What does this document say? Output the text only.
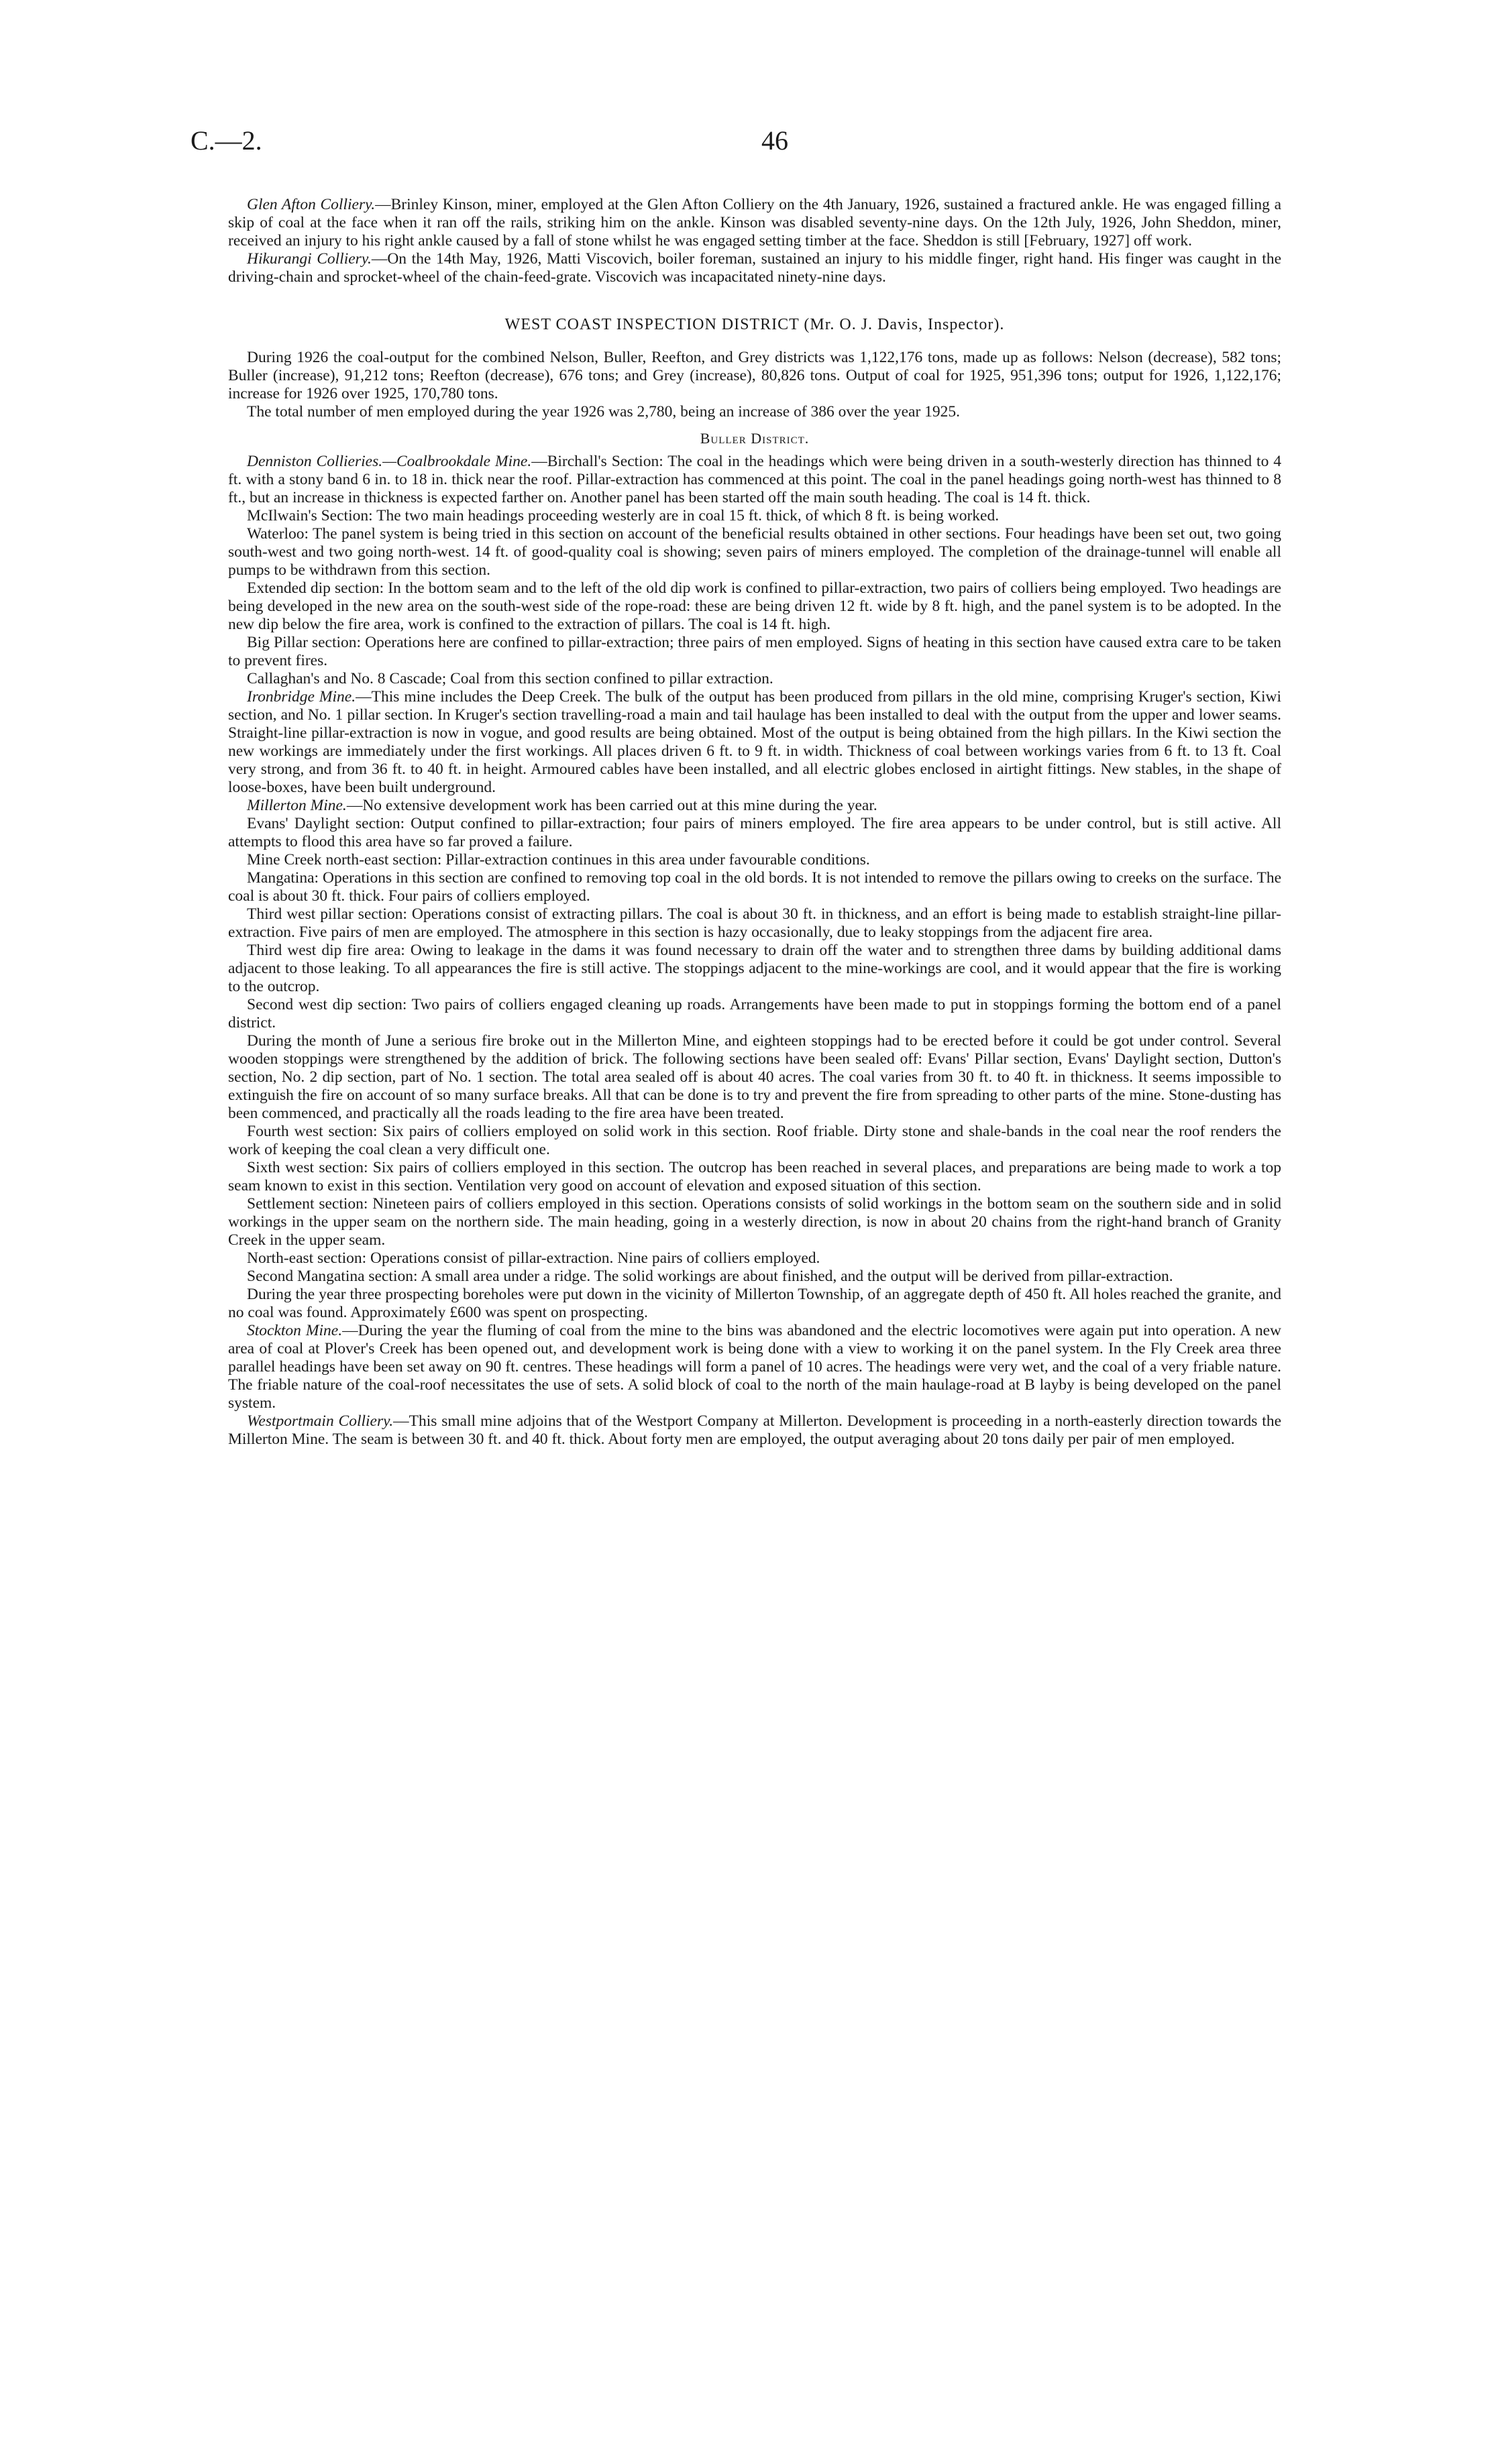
C.—2.	46

Glen Afton Colliery.—Brinley Kinson, miner, employed at the Glen Afton Colliery on the 4th January, 1926, sustained a fractured ankle. He was engaged filling a skip of coal at the face when it ran off the rails, striking him on the ankle. Kinson was disabled seventy-nine days. On the 12th July, 1926, John Sheddon, miner, received an injury to his right ankle caused by a fall of stone whilst he was engaged setting timber at the face. Sheddon is still [February, 1927] off work.

Hikurangi Colliery.—On the 14th May, 1926, Matti Viscovich, boiler foreman, sustained an injury to his middle finger, right hand. His finger was caught in the driving-chain and sprocket-wheel of the chain-feed-grate. Viscovich was incapacitated ninety-nine days.

WEST COAST INSPECTION DISTRICT (Mr. O. J. Davis, Inspector).

During 1926 the coal-output for the combined Nelson, Buller, Reefton, and Grey districts was 1,122,176 tons, made up as follows: Nelson (decrease), 582 tons; Buller (increase), 91,212 tons; Reefton (decrease), 676 tons; and Grey (increase), 80,826 tons. Output of coal for 1925, 951,396 tons; output for 1926, 1,122,176; increase for 1926 over 1925, 170,780 tons.

The total number of men employed during the year 1926 was 2,780, being an increase of 386 over the year 1925.

Buller District.

Denniston Collieries.—Coalbrookdale Mine.—Birchall's Section: The coal in the headings which were being driven in a south-westerly direction has thinned to 4 ft. with a stony band 6 in. to 18 in. thick near the roof. Pillar-extraction has commenced at this point. The coal in the panel headings going north-west has thinned to 8 ft., but an increase in thickness is expected farther on. Another panel has been started off the main south heading. The coal is 14 ft. thick.

McIlwain's Section: The two main headings proceeding westerly are in coal 15 ft. thick, of which 8 ft. is being worked.

Waterloo: The panel system is being tried in this section on account of the beneficial results obtained in other sections. Four headings have been set out, two going south-west and two going north-west. 14 ft. of good-quality coal is showing; seven pairs of miners employed. The completion of the drainage-tunnel will enable all pumps to be withdrawn from this section.

Extended dip section: In the bottom seam and to the left of the old dip work is confined to pillar-extraction, two pairs of colliers being employed. Two headings are being developed in the new area on the south-west side of the rope-road: these are being driven 12 ft. wide by 8 ft. high, and the panel system is to be adopted. In the new dip below the fire area, work is confined to the extraction of pillars. The coal is 14 ft. high.

Big Pillar section: Operations here are confined to pillar-extraction; three pairs of men employed. Signs of heating in this section have caused extra care to be taken to prevent fires.

Callaghan's and No. 8 Cascade; Coal from this section confined to pillar extraction.

Ironbridge Mine.—This mine includes the Deep Creek. The bulk of the output has been produced from pillars in the old mine, comprising Kruger's section, Kiwi section, and No. 1 pillar section. In Kruger's section travelling-road a main and tail haulage has been installed to deal with the output from the upper and lower seams. Straight-line pillar-extraction is now in vogue, and good results are being obtained. Most of the output is being obtained from the high pillars. In the Kiwi section the new workings are immediately under the first workings. All places driven 6 ft. to 9 ft. in width. Thickness of coal between workings varies from 6 ft. to 13 ft. Coal very strong, and from 36 ft. to 40 ft. in height. Armoured cables have been installed, and all electric globes enclosed in airtight fittings. New stables, in the shape of loose-boxes, have been built underground.

Millerton Mine.—No extensive development work has been carried out at this mine during the year.

Evans' Daylight section: Output confined to pillar-extraction; four pairs of miners employed. The fire area appears to be under control, but is still active. All attempts to flood this area have so far proved a failure.

Mine Creek north-east section: Pillar-extraction continues in this area under favourable conditions.

Mangatina: Operations in this section are confined to removing top coal in the old bords. It is not intended to remove the pillars owing to creeks on the surface. The coal is about 30 ft. thick. Four pairs of colliers employed.

Third west pillar section: Operations consist of extracting pillars. The coal is about 30 ft. in thickness, and an effort is being made to establish straight-line pillar-extraction. Five pairs of men are employed. The atmosphere in this section is hazy occasionally, due to leaky stoppings from the adjacent fire area.

Third west dip fire area: Owing to leakage in the dams it was found necessary to drain off the water and to strengthen three dams by building additional dams adjacent to those leaking. To all appearances the fire is still active. The stoppings adjacent to the mine-workings are cool, and it would appear that the fire is working to the outcrop.

Second west dip section: Two pairs of colliers engaged cleaning up roads. Arrangements have been made to put in stoppings forming the bottom end of a panel district.

During the month of June a serious fire broke out in the Millerton Mine, and eighteen stoppings had to be erected before it could be got under control. Several wooden stoppings were strengthened by the addition of brick. The following sections have been sealed off: Evans' Pillar section, Evans' Daylight section, Dutton's section, No. 2 dip section, part of No. 1 section. The total area sealed off is about 40 acres. The coal varies from 30 ft. to 40 ft. in thickness. It seems impossible to extinguish the fire on account of so many surface breaks. All that can be done is to try and prevent the fire from spreading to other parts of the mine. Stone-dusting has been commenced, and practically all the roads leading to the fire area have been treated.

Fourth west section: Six pairs of colliers employed on solid work in this section. Roof friable. Dirty stone and shale-bands in the coal near the roof renders the work of keeping the coal clean a very difficult one.

Sixth west section: Six pairs of colliers employed in this section. The outcrop has been reached in several places, and preparations are being made to work a top seam known to exist in this section. Ventilation very good on account of elevation and exposed situation of this section.

Settlement section: Nineteen pairs of colliers employed in this section. Operations consists of solid workings in the bottom seam on the southern side and in solid workings in the upper seam on the northern side. The main heading, going in a westerly direction, is now in about 20 chains from the right-hand branch of Granity Creek in the upper seam.

North-east section: Operations consist of pillar-extraction. Nine pairs of colliers employed.

Second Mangatina section: A small area under a ridge. The solid workings are about finished, and the output will be derived from pillar-extraction.

During the year three prospecting boreholes were put down in the vicinity of Millerton Township, of an aggregate depth of 450 ft. All holes reached the granite, and no coal was found. Approximately £600 was spent on prospecting.

Stockton Mine.—During the year the fluming of coal from the mine to the bins was abandoned and the electric locomotives were again put into operation. A new area of coal at Plover's Creek has been opened out, and development work is being done with a view to working it on the panel system. In the Fly Creek area three parallel headings have been set away on 90 ft. centres. These headings will form a panel of 10 acres. The headings were very wet, and the coal of a very friable nature. The friable nature of the coal-roof necessitates the use of sets. A solid block of coal to the north of the main haulage-road at B layby is being developed on the panel system.

Westportmain Colliery.—This small mine adjoins that of the Westport Company at Millerton. Development is proceeding in a north-easterly direction towards the Millerton Mine. The seam is between 30 ft. and 40 ft. thick. About forty men are employed, the output averaging about 20 tons daily per pair of men employed.
